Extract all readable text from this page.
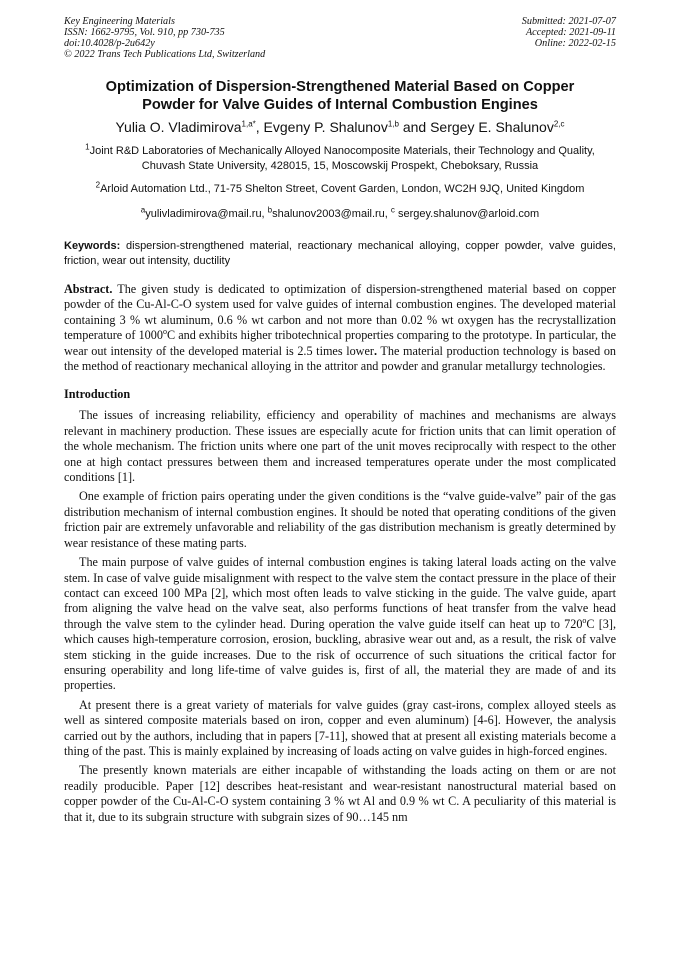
Key Engineering Materials
ISSN: 1662-9795, Vol. 910, pp 730-735
doi:10.4028/p-2u642y
© 2022 Trans Tech Publications Ltd, Switzerland
Submitted: 2021-07-07
Accepted: 2021-09-11
Online: 2022-02-15
Optimization of Dispersion-Strengthened Material Based on Copper
Powder for Valve Guides of Internal Combustion Engines
Yulia O. Vladimirova$^{1,a*}$, Evgeny P. Shalunov$^{1,b}$ and Sergey E. Shalunov$^{2,c}$
$^1$Joint R&D Laboratories of Mechanically Alloyed Nanocomposite Materials, their Technology and Quality, Chuvash State University, 428015, 15, Moscowskij Prospekt, Cheboksary, Russia
$^2$Arloid Automation Ltd., 71-75 Shelton Street, Covent Garden, London, WC2H 9JQ, United Kingdom
$^a$yulivladimirova@mail.ru, $^b$shalunov2003@mail.ru, $^c$ sergey.shalunov@arloid.com
Keywords: dispersion-strengthened material, reactionary mechanical alloying, copper powder, valve guides, friction, wear out intensity, ductility
Abstract. The given study is dedicated to optimization of dispersion-strengthened material based on copper powder of the Cu-Al-C-O system used for valve guides of internal combustion engines. The developed material containing 3 % wt aluminum, 0.6 % wt carbon and not more than 0.02 % wt oxygen has the recrystallization temperature of 1000$^o$C and exhibits higher tribotechnical properties comparing to the prototype. In particular, the wear out intensity of the developed material is 2.5 times lower. The material production technology is based on the method of reactionary mechanical alloying in the attritor and powder and granular metallurgy technologies.
Introduction

The issues of increasing reliability, efficiency and operability of machines and mechanisms are always relevant in machinery production. These issues are especially acute for friction units that can limit operation of the whole mechanism. The friction units where one part of the unit moves reciprocally with respect to the other one at high contact pressures between them and increased temperatures operate under the most complicated conditions [1].

One example of friction pairs operating under the given conditions is the “valve guide-valve” pair of the gas distribution mechanism of internal combustion engines. It should be noted that operating conditions of the given friction pair are extremely unfavorable and reliability of the gas distribution mechanism is greatly determined by wear resistance of these mating parts.

The main purpose of valve guides of internal combustion engines is taking lateral loads acting on the valve stem. In case of valve guide misalignment with respect to the valve stem the contact pressure in the place of their contact can exceed 100 MPa [2], which most often leads to valve sticking in the guide. The valve guide, apart from aligning the valve head on the valve seat, also performs functions of heat transfer from the valve head through the valve stem to the cylinder head. During operation the valve guide itself can heat up to 720$^o$C [3], which causes high-temperature corrosion, erosion, buckling, abrasive wear out and, as a result, the risk of valve stem sticking in the guide increases. Due to the risk of occurrence of such situations the critical factor for ensuring operability and long life-time of valve guides is, first of all, the material they are made of and its properties.

At present there is a great variety of materials for valve guides (gray cast-irons, complex alloyed steels as well as sintered composite materials based on iron, copper and even aluminum) [4-6]. However, the analysis carried out by the authors, including that in papers [7-11], showed that at present all existing materials become a thing of the past. This is mainly explained by increasing of loads acting on valve guides in high-forced engines.

The presently known materials are either incapable of withstanding the loads acting on them or are not readily producible. Paper [12] describes heat-resistant and wear-resistant nanostructural material based on copper powder of the Cu-Al-C-O system containing 3 % wt Al and 0.9 % wt C. A peculiarity of this material is that it, due to its subgrain structure with subgrain sizes of 90…145 nm
